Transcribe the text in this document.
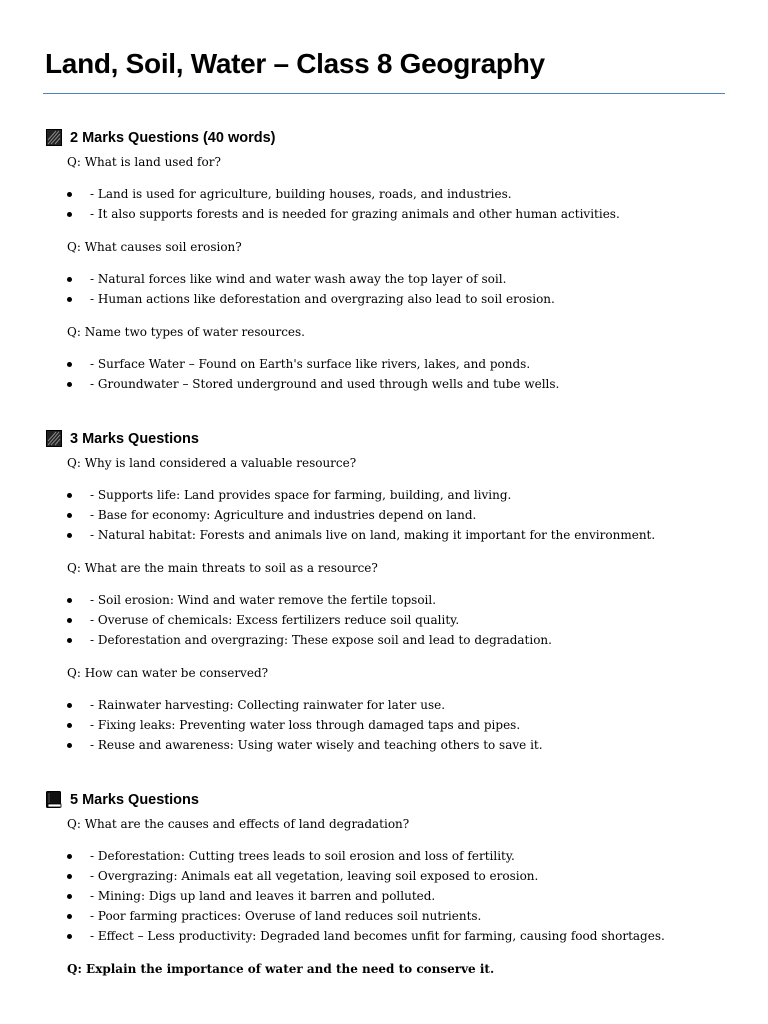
Land, Soil, Water – Class 8 Geography
2 Marks Questions (40 words)
Q: What is land used for?
- Land is used for agriculture, building houses, roads, and industries.
- It also supports forests and is needed for grazing animals and other human activities.
Q: What causes soil erosion?
- Natural forces like wind and water wash away the top layer of soil.
- Human actions like deforestation and overgrazing also lead to soil erosion.
Q: Name two types of water resources.
- Surface Water – Found on Earth's surface like rivers, lakes, and ponds.
- Groundwater – Stored underground and used through wells and tube wells.
3 Marks Questions
Q: Why is land considered a valuable resource?
- Supports life: Land provides space for farming, building, and living.
- Base for economy: Agriculture and industries depend on land.
- Natural habitat: Forests and animals live on land, making it important for the environment.
Q: What are the main threats to soil as a resource?
- Soil erosion: Wind and water remove the fertile topsoil.
- Overuse of chemicals: Excess fertilizers reduce soil quality.
- Deforestation and overgrazing: These expose soil and lead to degradation.
Q: How can water be conserved?
- Rainwater harvesting: Collecting rainwater for later use.
- Fixing leaks: Preventing water loss through damaged taps and pipes.
- Reuse and awareness: Using water wisely and teaching others to save it.
5 Marks Questions
Q: What are the causes and effects of land degradation?
- Deforestation: Cutting trees leads to soil erosion and loss of fertility.
- Overgrazing: Animals eat all vegetation, leaving soil exposed to erosion.
- Mining: Digs up land and leaves it barren and polluted.
- Poor farming practices: Overuse of land reduces soil nutrients.
- Effect – Less productivity: Degraded land becomes unfit for farming, causing food shortages.
Q: Explain the importance of water and the need to conserve it.
